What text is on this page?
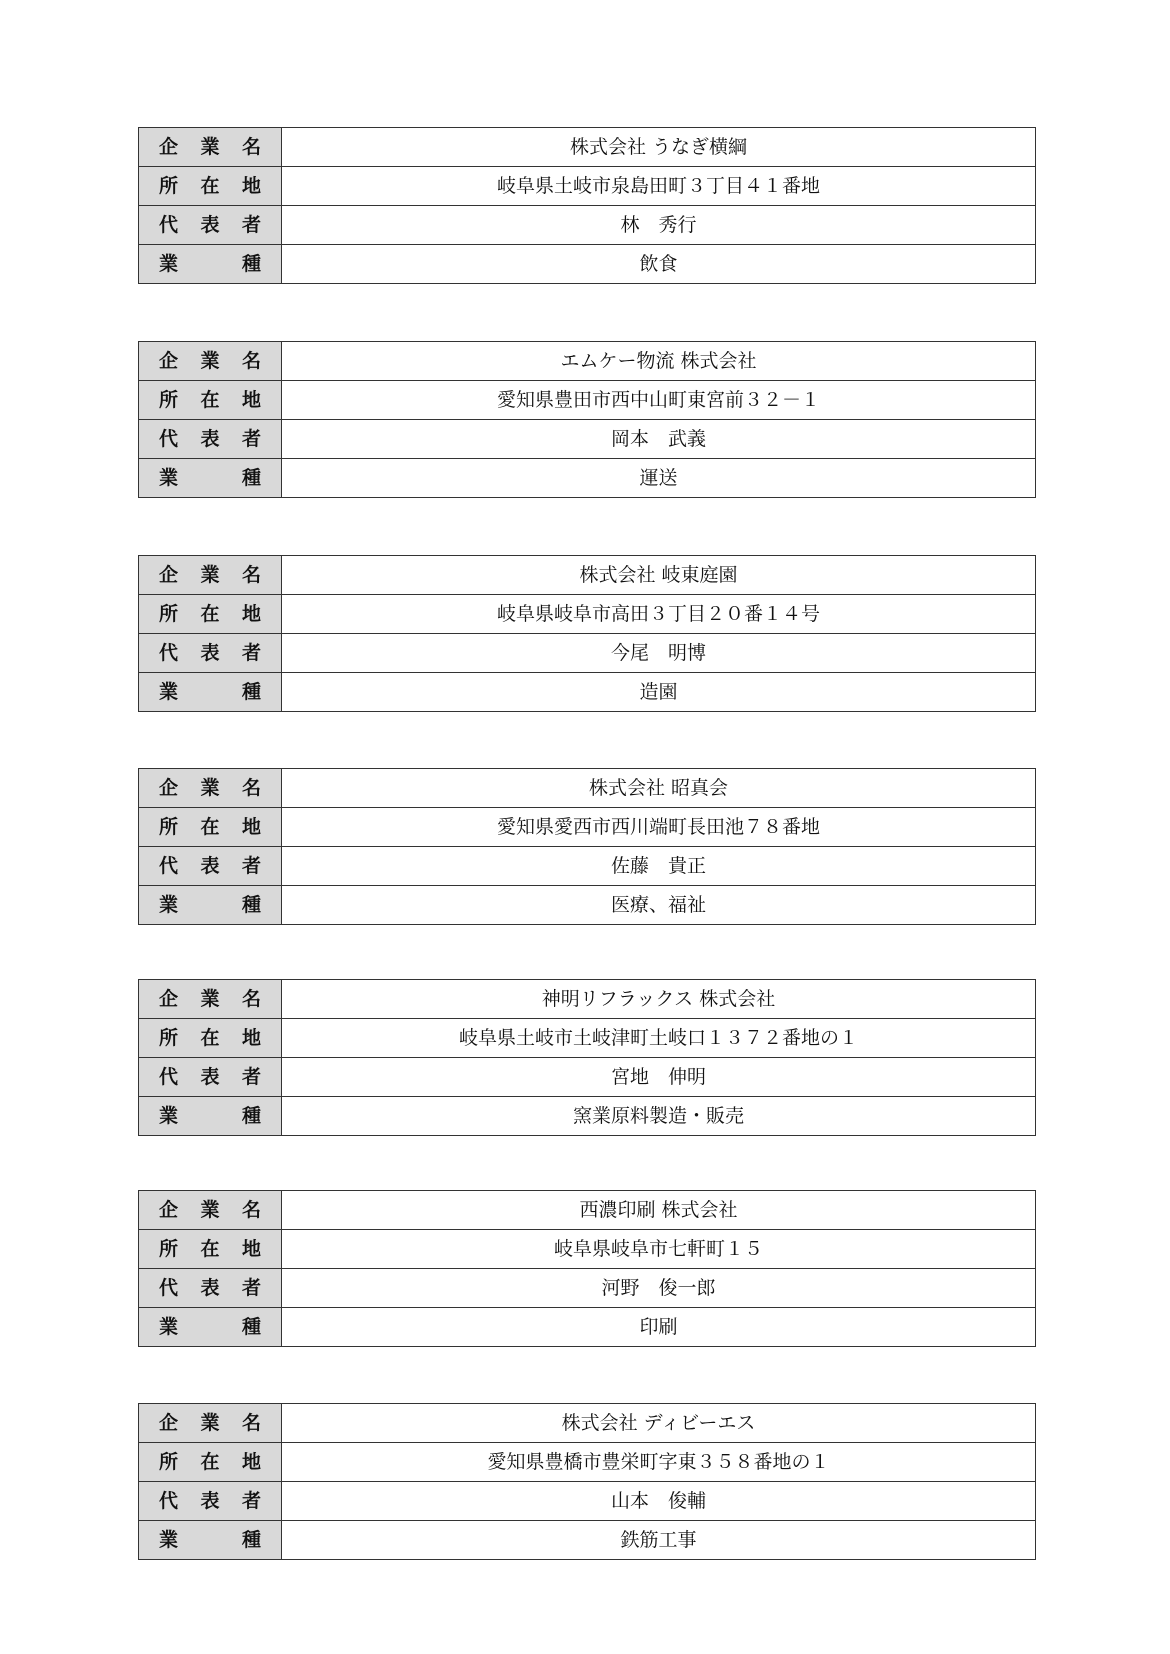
企 業 名	株式会社 うなぎ横綱

所 在 地	岐阜県土岐市泉島田町３丁目４１番地

代 表 者	林　秀行

業 種	飲食
企 業 名	エムケー物流 株式会社

所 在 地	愛知県豊田市西中山町東宮前３２－１

代 表 者	岡本　武義

業 種	運送
企 業 名	株式会社 岐東庭園

所 在 地	岐阜県岐阜市高田３丁目２０番１４号

代 表 者	今尾　明博

業 種	造園
企 業 名	株式会社 昭真会

所 在 地	愛知県愛西市西川端町長田池７８番地

代 表 者	佐藤　貴正

業 種	医療、福祉
企 業 名	神明リフラックス 株式会社

所 在 地	岐阜県土岐市土岐津町土岐口１３７２番地の１

代 表 者	宮地　伸明

業 種	窯業原料製造・販売
企 業 名	西濃印刷 株式会社

所 在 地	岐阜県岐阜市七軒町１５

代 表 者	河野　俊一郎

業 種	印刷
企 業 名	株式会社 ディビーエス

所 在 地	愛知県豊橋市豊栄町字東３５８番地の１

代 表 者	山本　俊輔

業 種	鉄筋工事
